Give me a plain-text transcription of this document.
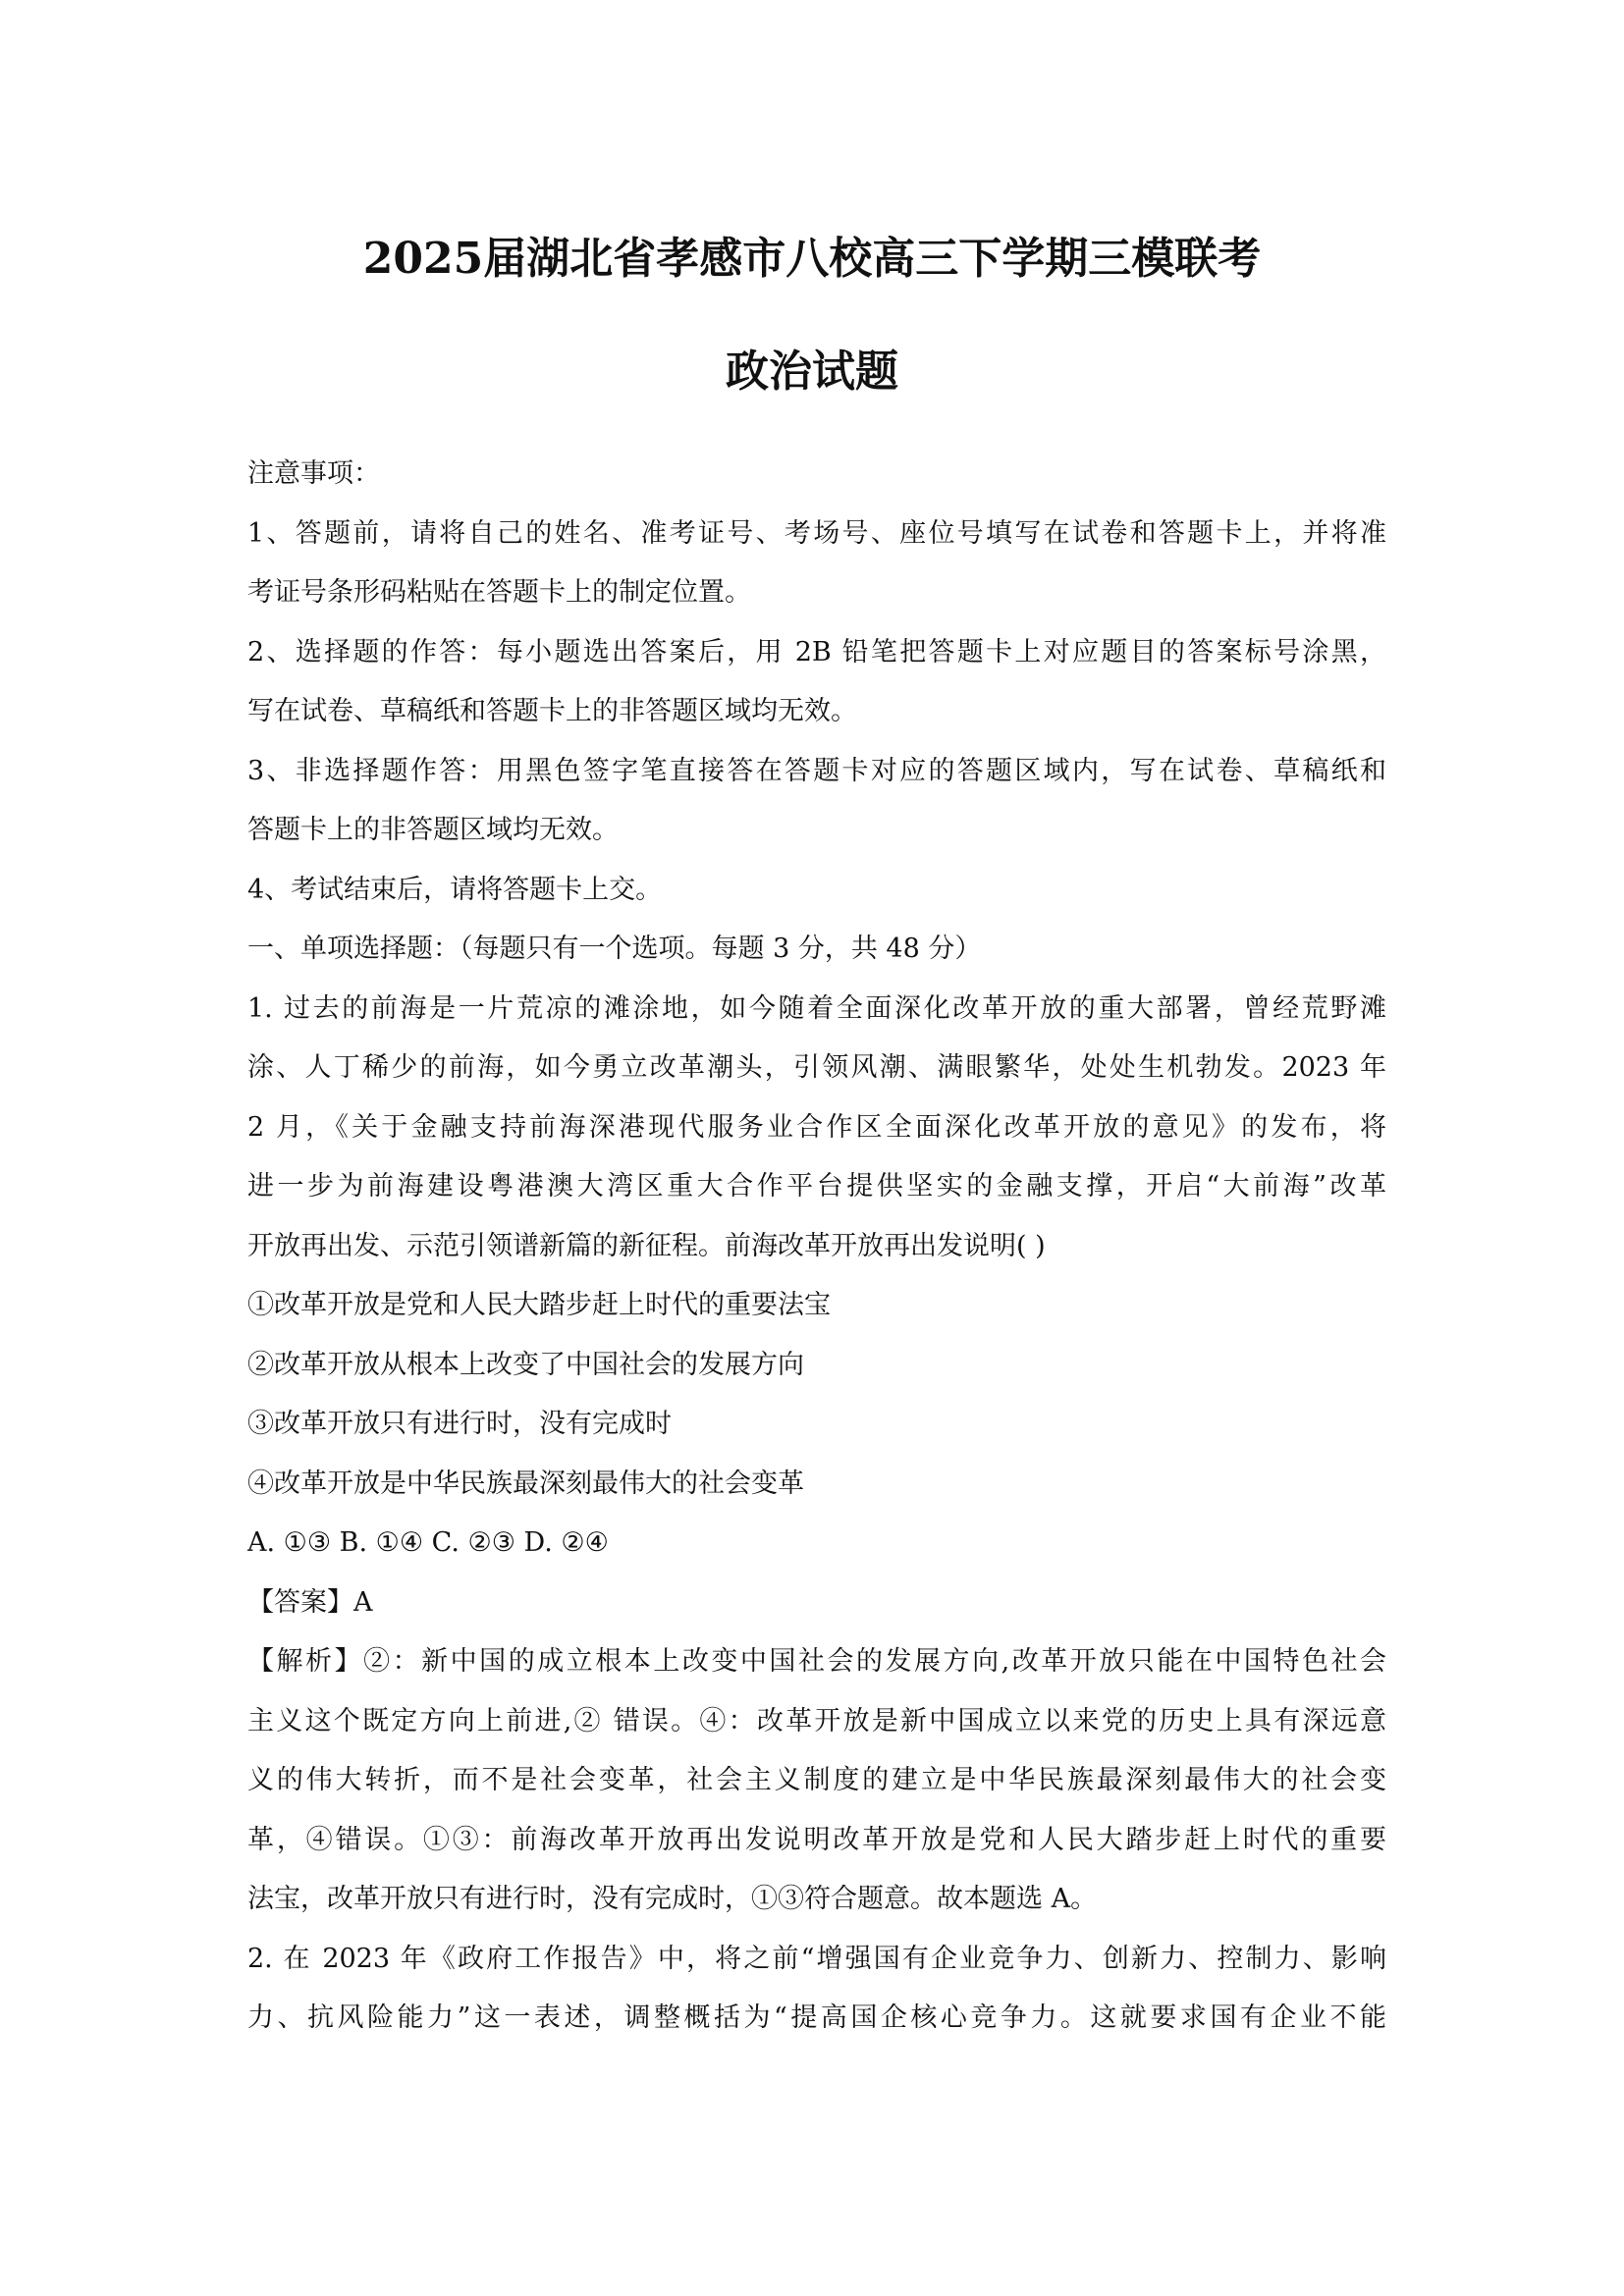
2025届湖北省孝感市八校高三下学期三模联考
政治试题
注意事项：
1、答题前，请将自己的姓名、准考证号、考场号、座位号填写在试卷和答题卡上，并将准
考证号条形码粘贴在答题卡上的制定位置。
2、选择题的作答：每小题选出答案后，用 2B 铅笔把答题卡上对应题目的答案标号涂黑，
写在试卷、草稿纸和答题卡上的非答题区域均无效。
3、非选择题作答：用黑色签字笔直接答在答题卡对应的答题区域内，写在试卷、草稿纸和
答题卡上的非答题区域均无效。
4、考试结束后，请将答题卡上交。
一、单项选择题：（每题只有一个选项。每题 3 分，共 48 分）
1. 过去的前海是一片荒凉的滩涂地，如今随着全面深化改革开放的重大部署，曾经荒野滩
涂、人丁稀少的前海，如今勇立改革潮头，引领风潮、满眼繁华，处处生机勃发。2023 年
2 月，《关于金融支持前海深港现代服务业合作区全面深化改革开放的意见》的发布，将
进一步为前海建设粤港澳大湾区重大合作平台提供坚实的金融支撑，开启“大前海”改革
开放再出发、示范引领谱新篇的新征程。前海改革开放再出发说明( )
①改革开放是党和人民大踏步赶上时代的重要法宝
②改革开放从根本上改变了中国社会的发展方向
③改革开放只有进行时，没有完成时
④改革开放是中华民族最深刻最伟大的社会变革
A. ①③ B. ①④ C. ②③ D. ②④
【答案】A
【解析】②：新中国的成立根本上改变中国社会的发展方向,改革开放只能在中国特色社会
主义这个既定方向上前进,② 错误。④：改革开放是新中国成立以来党的历史上具有深远意
义的伟大转折，而不是社会变革，社会主义制度的建立是中华民族最深刻最伟大的社会变
革，④错误。①③：前海改革开放再出发说明改革开放是党和人民大踏步赶上时代的重要
法宝，改革开放只有进行时，没有完成时，①③符合题意。故本题选 A。
2. 在 2023 年《政府工作报告》中，将之前“增强国有企业竞争力、创新力、控制力、影响
力、抗风险能力”这一表述，调整概括为“提高国企核心竞争力。这就要求国有企业不能
